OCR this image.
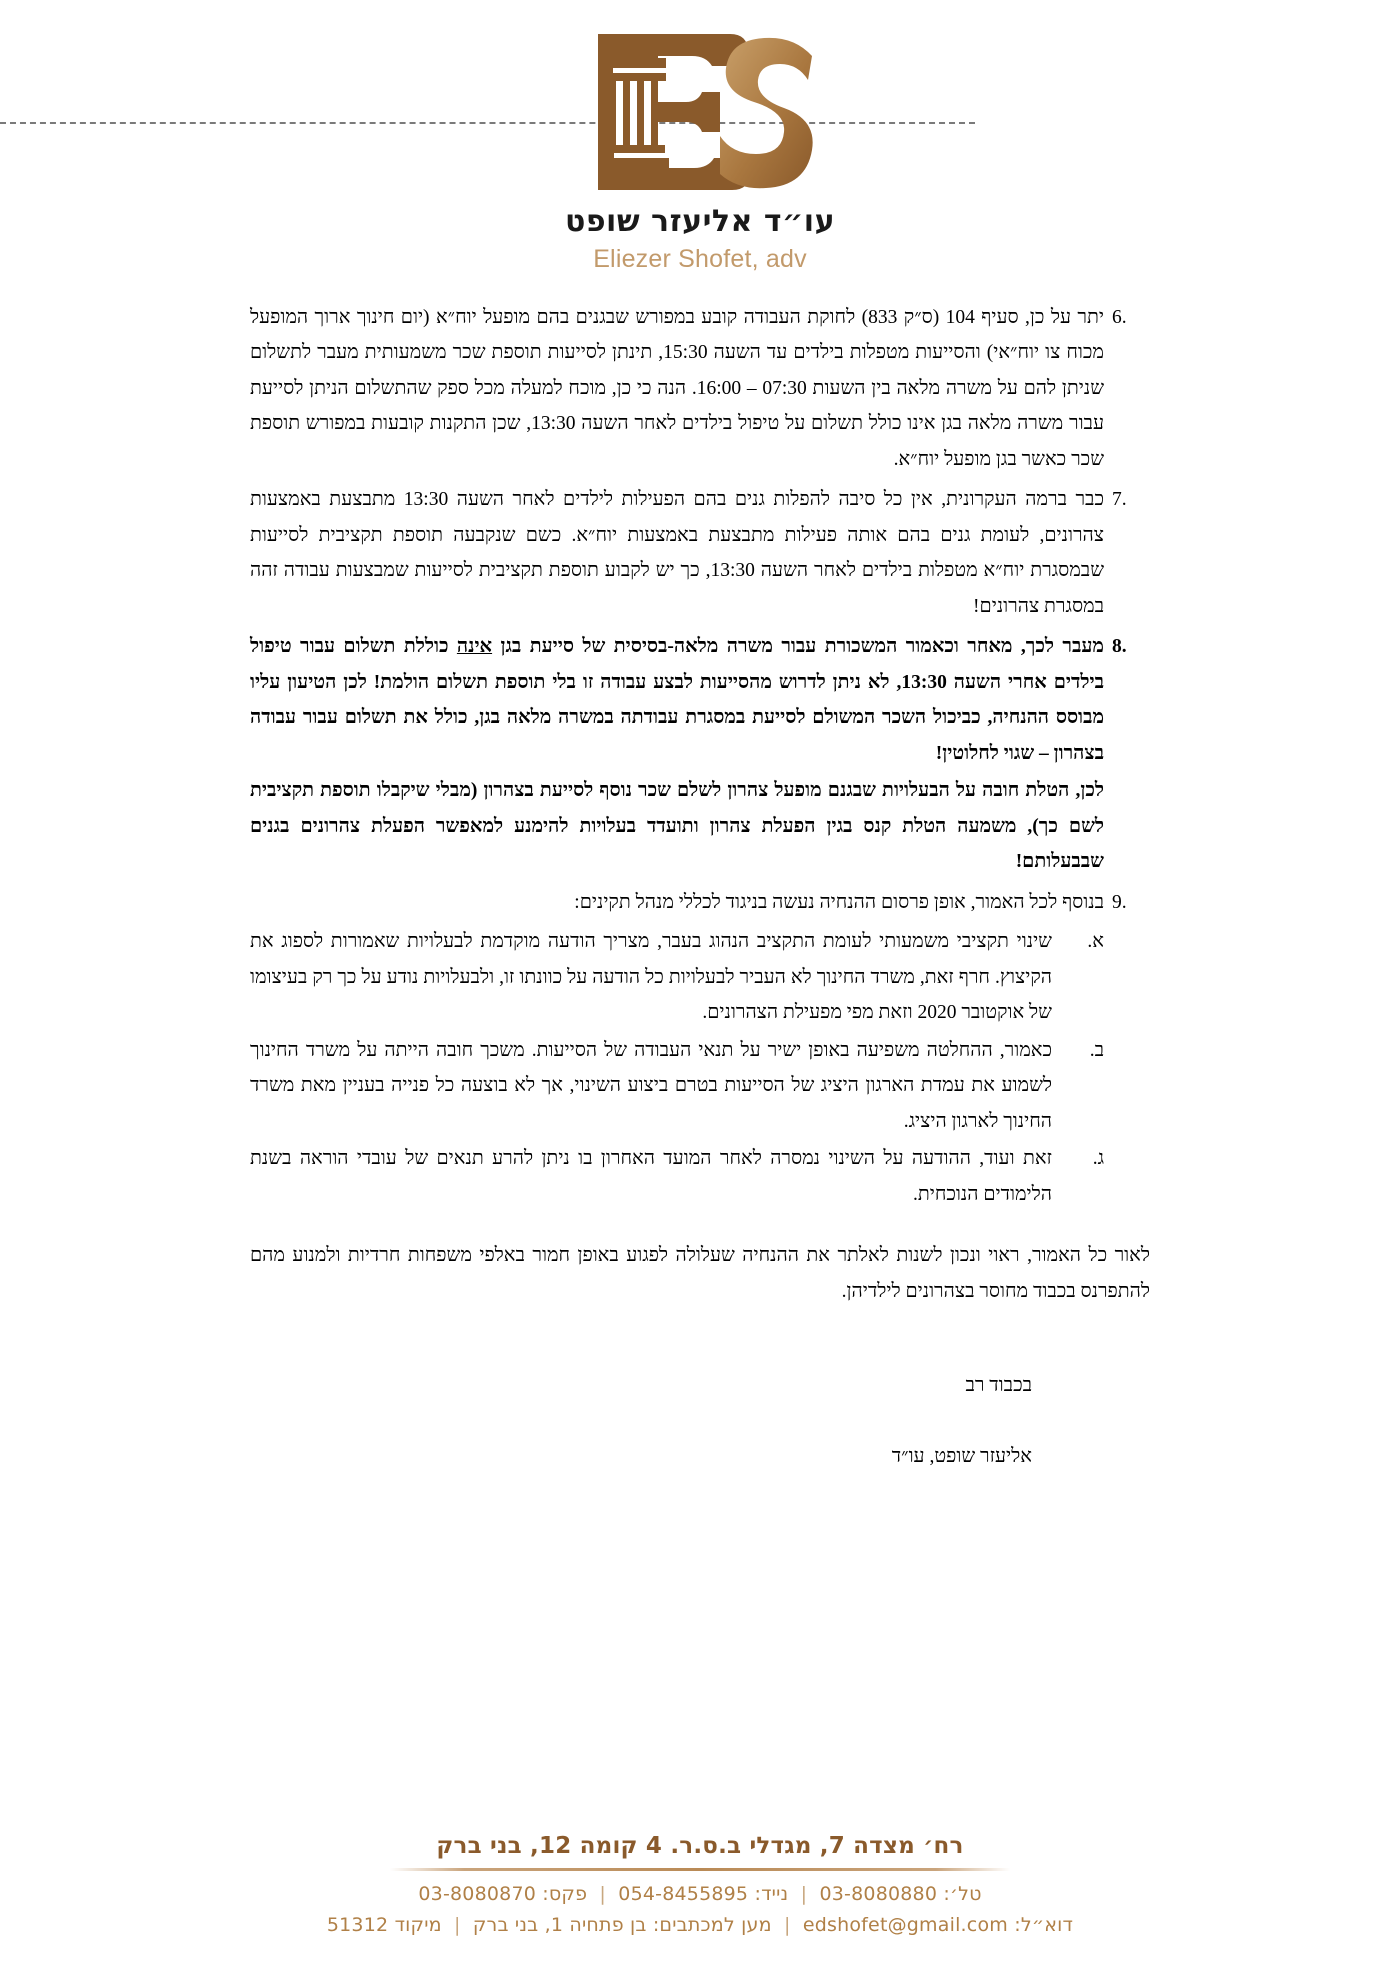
עו״ד אליעזר שופט
Eliezer Shofet, adv
.6
יתר על כן, סעיף 104 (ס״ק 833) לחוקת העבודה קובע במפורש שבגנים בהם מופעל יוח״א (יום חינוך ארוך המופעל מכוח צו יוח״אי) והסייעות מטפלות בילדים עד השעה 15:30, תינתן לסייעות תוספת שכר משמעותית מעבר לתשלום שניתן להם על משרה מלאה בין השעות 07:30 – 16:00. הנה כי כן, מוכח למעלה מכל ספק שהתשלום הניתן לסייעת עבור משרה מלאה בגן אינו כולל תשלום על טיפול בילדים לאחר השעה 13:30, שכן התקנות קובעות במפורש תוספת שכר כאשר בגן מופעל יוח״א.
.7
כבר ברמה העקרונית, אין כל סיבה להפלות גנים בהם הפעילות לילדים לאחר השעה 13:30 מתבצעת באמצעות צהרונים, לעומת גנים בהם אותה פעילות מתבצעת באמצעות יוח״א. כשם שנקבעה תוספת תקציבית לסייעות שבמסגרת יוח״א מטפלות בילדים לאחר השעה 13:30, כך יש לקבוע תוספת תקציבית לסייעות שמבצעות עבודה זהה במסגרת צהרונים!
.8
מעבר לכך, מאחר וכאמור המשכורת עבור משרה מלאה-בסיסית של סייעת בגן אינה כוללת תשלום עבור טיפול בילדים אחרי השעה 13:30, לא ניתן לדרוש מהסייעות לבצע עבודה זו בלי תוספת תשלום הולמת! לכן הטיעון עליו מבוסס ההנחיה, כביכול השכר המשולם לסייעת במסגרת עבודתה במשרה מלאה בגן, כולל את תשלום עבור עבודה בצהרון – שגוי לחלוטין!
לכן, הטלת חובה על הבעלויות שבגנם מופעל צהרון לשלם שכר נוסף לסייעת בצהרון (מבלי שיקבלו תוספת תקציבית לשם כך), משמעה הטלת קנס בגין הפעלת צהרון ותועדד בעלויות להימנע למאפשר הפעלת צהרונים בגנים שבבעלותם!
.9
בנוסף לכל האמור, אופן פרסום ההנחיה נעשה בניגוד לכללי מנהל תקינים:
א.
שינוי תקציבי משמעותי לעומת התקציב הנהוג בעבר, מצריך הודעה מוקדמת לבעלויות שאמורות לספוג את הקיצוץ. חרף זאת, משרד החינוך לא העביר לבעלויות כל הודעה על כוונתו זו, ולבעלויות נודע על כך רק בעיצומו של אוקטובר 2020 וזאת מפי מפעילת הצהרונים.
ב.
כאמור, ההחלטה משפיעה באופן ישיר על תנאי העבודה של הסייעות. משכך חובה הייתה על משרד החינוך לשמוע את עמדת הארגון היציג של הסייעות בטרם ביצוע השינוי, אך לא בוצעה כל פנייה בעניין מאת משרד החינוך לארגון היציג.
ג.
זאת ועוד, ההודעה על השינוי נמסרה לאחר המועד האחרון בו ניתן להרע תנאים של עובדי הוראה בשנת הלימודים הנוכחית.

לאור כל האמור, ראוי ונכון לשנות לאלתר את ההנחיה שעלולה לפגוע באופן חמור באלפי משפחות חרדיות ולמנוע מהם להתפרנס בכבוד מחוסר בצהרונים לילדיהן.

בכבוד רב
אליעזר שופט, עו״ד
רח׳ מצדה 7, מגדלי ב.ס.ר. 4 קומה 12, בני ברק
טל׳: 03-8080880 | נייד: 054-8455895 | פקס: 03-8080870
דוא״ל: edshofet@gmail.com | מען למכתבים: בן פתחיה 1, בני ברק | מיקוד 51312
